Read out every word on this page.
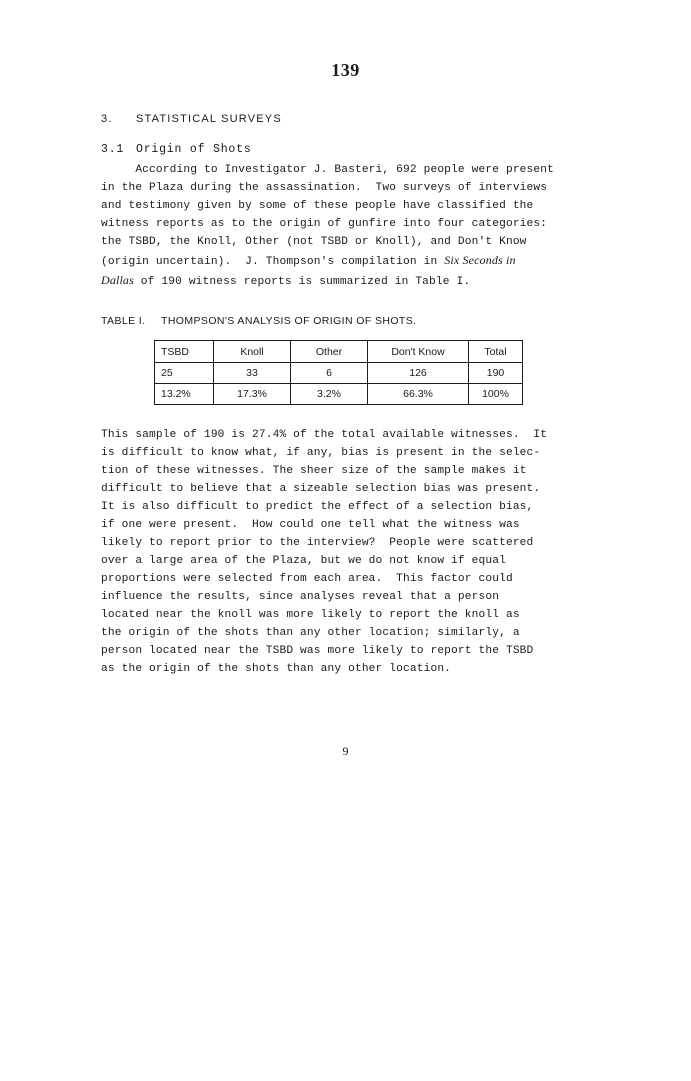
139
3. STATISTICAL SURVEYS
3.1 Origin of Shots
According to Investigator J. Basteri, 692 people were present
in the Plaza during the assassination.  Two surveys of interviews
and testimony given by some of these people have classified the
witness reports as to the origin of gunfire into four categories:
the TSBD, the Knoll, Other (not TSBD or Knoll), and Don't Know
(origin uncertain).  J. Thompson's compilation in Six Seconds in
Dallas of 190 witness reports is summarized in Table I.
TABLE I. THOMPSON'S ANALYSIS OF ORIGIN OF SHOTS.
TSBD	Knoll	Other	Don't Know	Total
25	33	6	126	190
13.2%	17.3%	3.2%	66.3%	100%
This sample of 190 is 27.4% of the total available witnesses.  It
is difficult to know what, if any, bias is present in the selec-
tion of these witnesses. The sheer size of the sample makes it
difficult to believe that a sizeable selection bias was present.
It is also difficult to predict the effect of a selection bias,
if one were present.  How could one tell what the witness was
likely to report prior to the interview?  People were scattered
over a large area of the Plaza, but we do not know if equal
proportions were selected from each area.  This factor could
influence the results, since analyses reveal that a person
located near the knoll was more likely to report the knoll as
the origin of the shots than any other location; similarly, a
person located near the TSBD was more likely to report the TSBD
as the origin of the shots than any other location.
9
